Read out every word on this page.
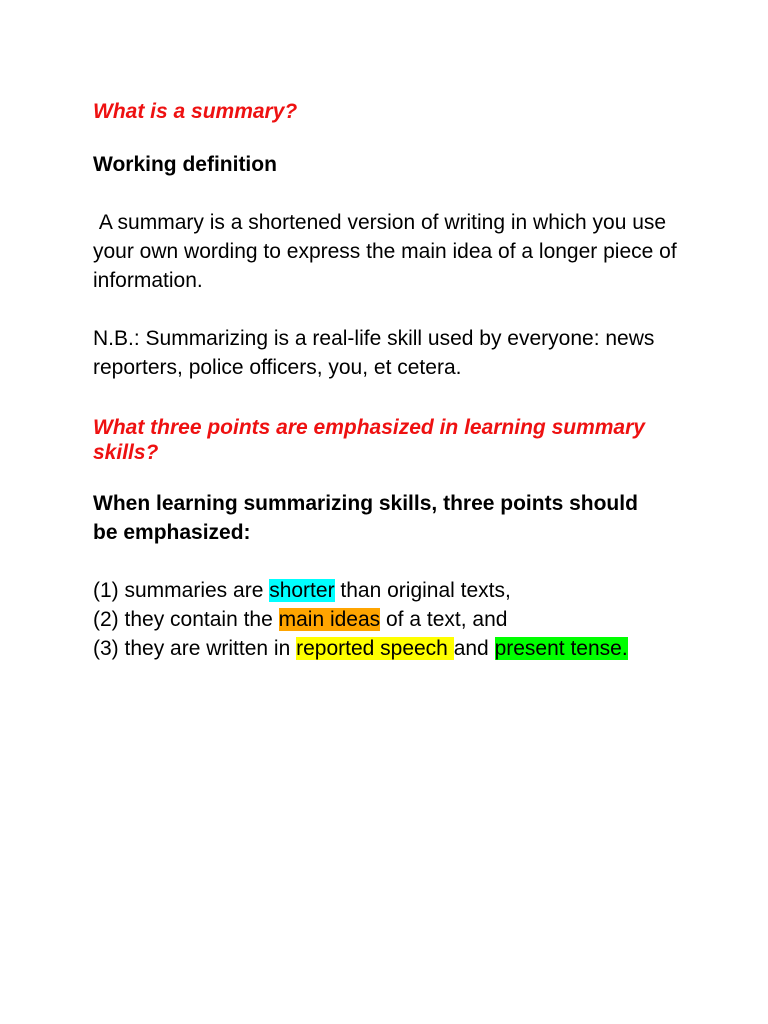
What is a summary?

Working definition

A summary is a shortened version of writing in which you use your own wording to express the main idea of a longer piece of information.

N.B.: Summarizing is a real-life skill used by everyone: news reporters, police officers, you, et cetera.

What three points are emphasized in learning summary skills?

When learning summarizing skills, three points should be emphasized:

(1) summaries are shorter than original texts,
(2) they contain the main ideas of a text, and
(3) they are written in reported speech and present tense.
